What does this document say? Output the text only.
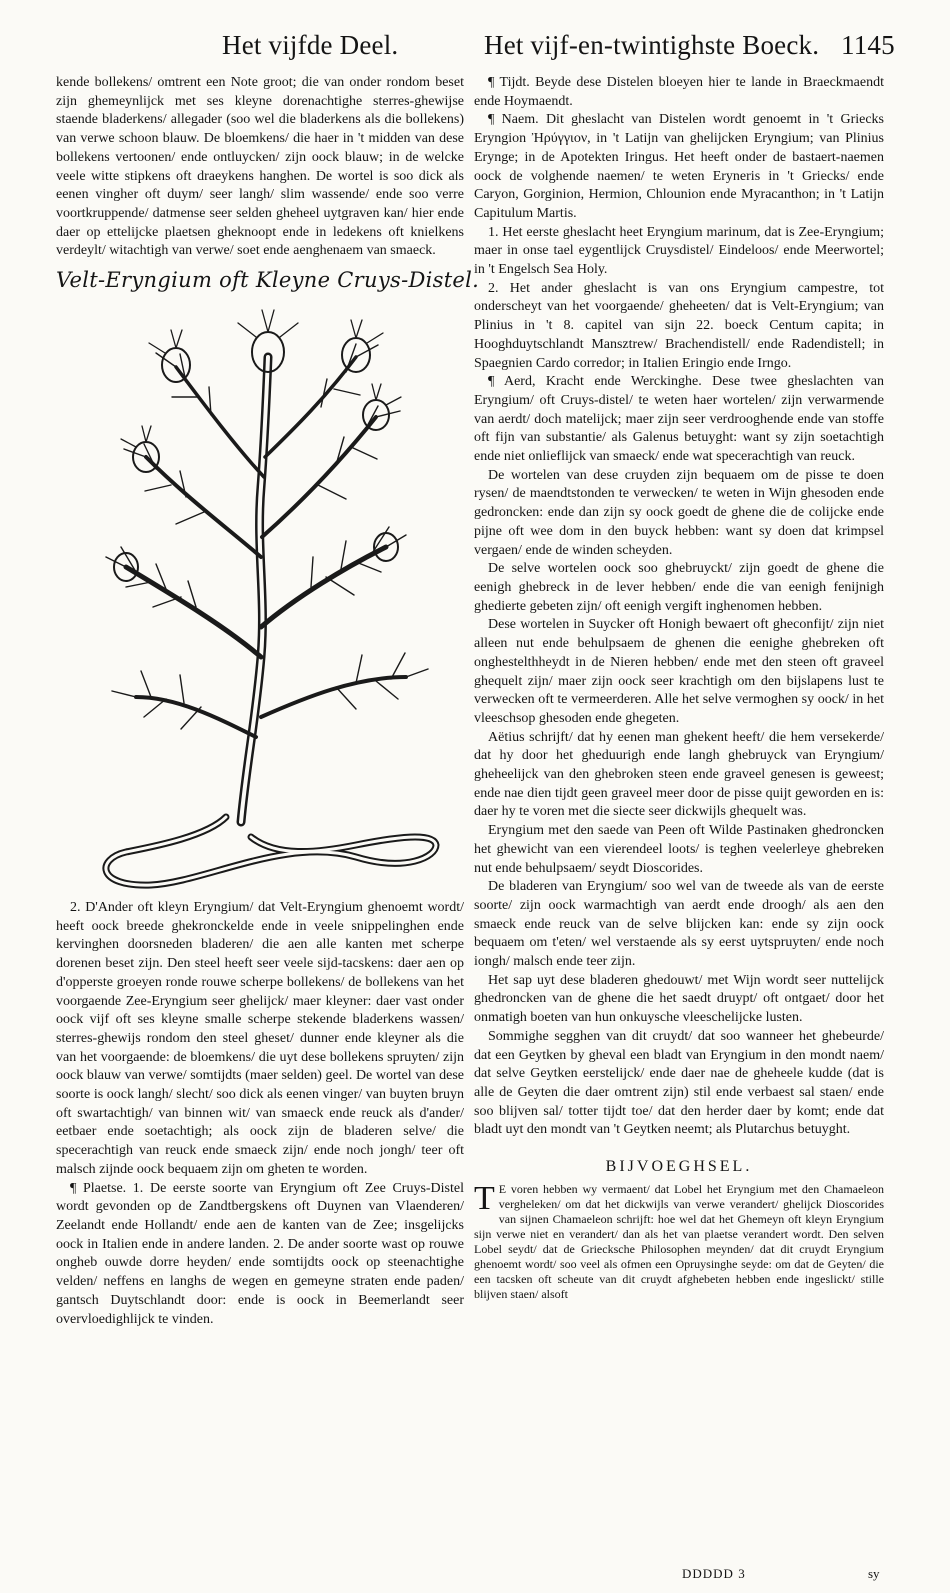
Het vijfde Deel.	Het vijf-en-twintighste Boeck. 1145

kende bollekens/ omtrent een Note groot; die van onder rondom beset zijn ghemeynlijck met ses kleyne dorenachtighe sterres-ghewijse staende bladerkens/ allegader (soo wel die bladerkens als die bollekens) van verwe schoon blauw. De bloemkens/ die haer in 't midden van dese bollekens vertoonen/ ende ontluycken/ zijn oock blauw; in de welcke veele witte stipkens oft draeykens hanghen. De wortel is soo dick als eenen vingher oft duym/ seer langh/ slim wassende/ ende soo verre voortkruppende/ datmense seer selden gheheel uytgraven kan/ hier ende daer op ettelijcke plaetsen gheknoopt ende in ledekens oft knielkens verdeylt/ witachtigh van verwe/ soet ende aenghenaem van smaeck.

Velt-Eryngium oft Kleyne Cruys-Distel.

2. D'Ander oft kleyn Eryngium/ dat Velt-Eryngium ghenoemt wordt/ heeft oock breede ghekronckelde ende in veele snippelinghen ende kervinghen doorsneden bladeren/ die aen alle kanten met scherpe dorenen beset zijn. Den steel heeft seer veele sijd-tacskens: daer aen op d'opperste groeyen ronde rouwe scherpe bollekens/ de bollekens van het voorgaende Zee-Eryngium seer ghelijck/ maer kleyner: daer vast onder oock vijf oft ses kleyne smalle scherpe stekende bladerkens wassen/ sterres-ghewijs rondom den steel gheset/ dunner ende kleyner als die van het voorgaende: de bloemkens/ die uyt dese bollekens spruyten/ zijn oock blauw van verwe/ somtijdts (maer selden) geel. De wortel van dese soorte is oock langh/ slecht/ soo dick als eenen vinger/ van buyten bruyn oft swartachtigh/ van binnen wit/ van smaeck ende reuck als d'ander/ eetbaer ende soetachtigh; als oock zijn de bladeren selve/ die specerachtigh van reuck ende smaeck zijn/ ende noch jongh/ teer oft malsch zijnde oock bequaem zijn om gheten te worden.

¶ Plaetse. 1. De eerste soorte van Eryngium oft Zee Cruys-Distel wordt gevonden op de Zandtbergskens oft Duynen van Vlaenderen/ Zeelandt ende Hollandt/ ende aen de kanten van de Zee; insgelijcks oock in Italien ende in andere landen. 2. De ander soorte wast op rouwe ongheb ouwde dorre heyden/ ende somtijdts oock op steenachtighe velden/ neffens en langhs de wegen en gemeyne straten ende paden/ gantsch Duytschlandt door: ende is oock in Beemerlandt seer overvloedighlijck te vinden.

¶ Tijdt. Beyde dese Distelen bloeyen hier te lande in Braeckmaendt ende Hoymaendt.

¶ Naem. Dit gheslacht van Distelen wordt genoemt in 't Griecks Eryngion Ἠρύγγιον, in 't Latijn van ghelijcken Eryngium; van Plinius Erynge; in de Apotekten Iringus. Het heeft onder de bastaert-naemen oock de volghende naemen/ te weten Eryneris in 't Griecks/ ende Caryon, Gorginion, Hermion, Chlounion ende Myracanthon; in 't Latijn Capitulum Martis.

1. Het eerste gheslacht heet Eryngium marinum, dat is Zee-Eryngium; maer in onse tael eygentlijck Cruysdistel/ Eindeloos/ ende Meerwortel; in 't Engelsch Sea Holy.

2. Het ander gheslacht is van ons Eryngium campestre, tot onderscheyt van het voorgaende/ gheheeten/ dat is Velt-Eryngium; van Plinius in 't 8. capitel van sijn 22. boeck Centum capita; in Hooghduytschlandt Mansztrew/ Brachendistell/ ende Radendistell; in Spaegnien Cardo corredor; in Italien Eringio ende Irngo.

¶ Aerd, Kracht ende Werckinghe. Dese twee gheslachten van Eryngium/ oft Cruys-distel/ te weten haer wortelen/ zijn verwarmende van aerdt/ doch matelijck; maer zijn seer verdrooghende ende van stoffe oft fijn van substantie/ als Galenus betuyght: want sy zijn soetachtigh ende niet onlieflijck van smaeck/ ende wat specerachtigh van reuck.

De wortelen van dese cruyden zijn bequaem om de pisse te doen rysen/ de maendtstonden te verwecken/ te weten in Wijn ghesoden ende gedroncken: ende dan zijn sy oock goedt de ghene die de colijcke ende pijne oft wee dom in den buyck hebben: want sy doen dat krimpsel vergaen/ ende de winden scheyden.

De selve wortelen oock soo ghebruyckt/ zijn goedt de ghene die eenigh ghebreck in de lever hebben/ ende die van eenigh fenijnigh ghedierte gebeten zijn/ oft eenigh vergift inghenomen hebben.

Dese wortelen in Suycker oft Honigh bewaert oft gheconfijt/ zijn niet alleen nut ende behulpsaem de ghenen die eenighe ghebreken oft onghestelthheydt in de Nieren hebben/ ende met den steen oft graveel ghequelt zijn/ maer zijn oock seer krachtigh om den bijslapens lust te verwecken oft te vermeerderen. Alle het selve vermoghen sy oock/ in het vleeschsop ghesoden ende ghegeten.

Aëtius schrijft/ dat hy eenen man ghekent heeft/ die hem versekerde/ dat hy door het gheduurigh ende langh ghebruyck van Eryngium/ gheheelijck van den ghebroken steen ende graveel genesen is geweest; ende nae dien tijdt geen graveel meer door de pisse quijt geworden en is: daer hy te voren met die siecte seer dickwijls ghequelt was.

Eryngium met den saede van Peen oft Wilde Pastinaken ghedroncken het ghewicht van een vierendeel loots/ is teghen veelerleye ghebreken nut ende behulpsaem/ seydt Dioscorides.

De bladeren van Eryngium/ soo wel van de tweede als van de eerste soorte/ zijn oock warmachtigh van aerdt ende droogh/ als aen den smaeck ende reuck van de selve blijcken kan: ende sy zijn oock bequaem om t'eten/ wel verstaende als sy eerst uytspruyten/ ende noch iongh/ malsch ende teer zijn.

Het sap uyt dese bladeren ghedouwt/ met Wijn wordt seer nuttelijck ghedroncken van de ghene die het saedt druypt/ oft ontgaet/ door het onmatigh boeten van hun onkuysche vleeschelijcke lusten.

Sommighe segghen van dit cruydt/ dat soo wanneer het ghebeurde/ dat een Geytken by gheval een bladt van Eryngium in den mondt naem/ dat selve Geytken eerstelijck/ ende daer nae de gheheele kudde (dat is alle de Geyten die daer omtrent zijn) stil ende verbaest sal staen/ ende soo blijven sal/ totter tijdt toe/ dat den herder daer by komt; ende dat bladt uyt den mondt van 't Geytken neemt; als Plutarchus betuyght.

BIJVOEGHSEL.

T E voren hebben wy vermaent/ dat Lobel het Eryngium met den Chamaeleon vergheleken/ om dat het dickwijls van verwe verandert/ ghelijck Dioscorides van sijnen Chamaeleon schrijft: hoe wel dat het Ghemeyn oft kleyn Eryngium sijn verwe niet en verandert/ dan als het van plaetse verandert wordt. Den selven Lobel seydt/ dat de Griecksche Philosophen meynden/ dat dit cruydt Eryngium ghenoemt wordt/ soo veel als ofmen een Opruysinghe seyde: om dat de Geyten/ die een tacsken oft scheute van dit cruydt afghebeten hebben ende ingeslickt/ stille blijven staen/ alsoft

DDDDD 3	sy
